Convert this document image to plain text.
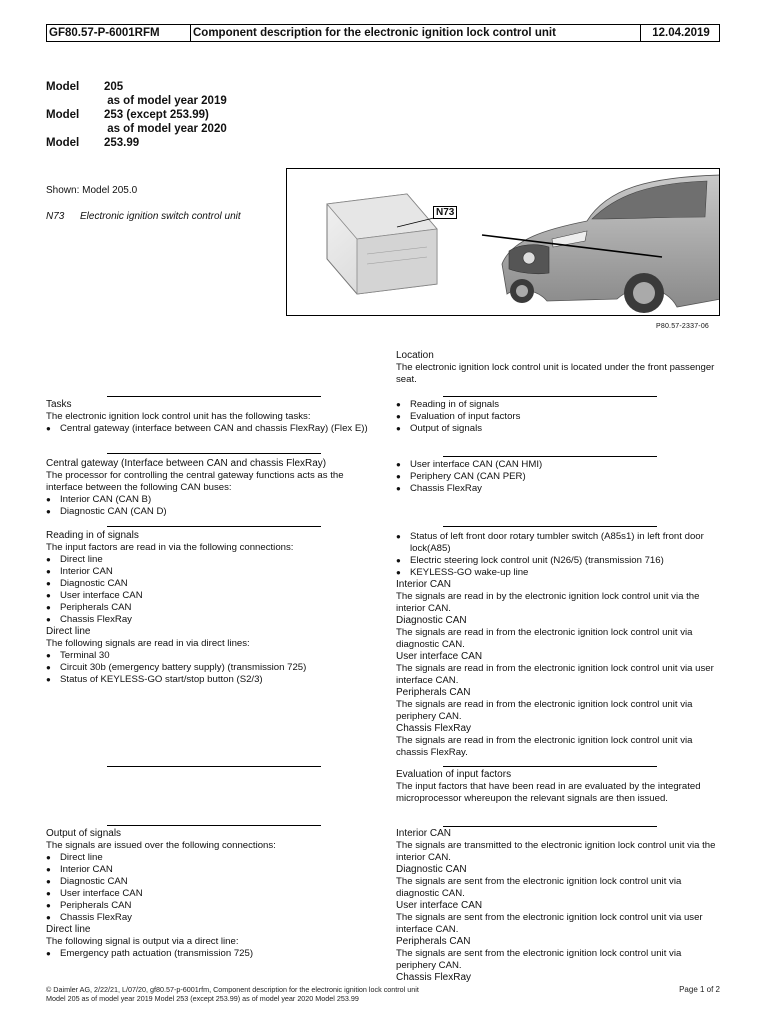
GF80.57-P-6001RFM	Component description for the electronic ignition lock control unit	12.04.2019
Model	205
as of model year 2019
Model	253 (except 253.99)
as of model year 2020
Model	253.99
Shown: Model 205.0
N73 Electronic ignition switch control unit	N73
P80.57-2337-06
Location
The electronic ignition lock control unit is located under the front passenger seat.
Tasks
The electronic ignition lock control unit has the following tasks:
● Central gateway (interface between CAN and chassis FlexRay) (Flex E))
● Reading in of signals
● Evaluation of input factors
● Output of signals
Central gateway (Interface between CAN and chassis FlexRay)
The processor for controlling the central gateway functions acts as the interface between the following CAN buses:
● Interior CAN (CAN B)
● Diagnostic CAN (CAN D)
● User interface CAN (CAN HMI)
● Periphery CAN (CAN PER)
● Chassis FlexRay
Reading in of signals
The input factors are read in via the following connections:
● Direct line
● Interior CAN
● Diagnostic CAN
● User interface CAN
● Peripherals CAN
● Chassis FlexRay
Direct line
The following signals are read in via direct lines:
● Terminal 30
● Circuit 30b (emergency battery supply) (transmission 725)
● Status of KEYLESS-GO start/stop button (S2/3)
● Status of left front door rotary tumbler switch (A85s1) in left front door lock(A85)
● Electric steering lock control unit (N26/5) (transmission 716)
● KEYLESS-GO wake-up line
Interior CAN
The signals are read in by the electronic ignition lock control unit via the interior CAN.
Diagnostic CAN
The signals are read in from the electronic ignition lock control unit via diagnostic CAN.
User interface CAN
The signals are read in from the electronic ignition lock control unit via user interface CAN.
Peripherals CAN
The signals are read in from the electronic ignition lock control unit via periphery CAN.
Chassis FlexRay
The signals are read in from the electronic ignition lock control unit via chassis FlexRay.
Evaluation of input factors
The input factors that have been read in are evaluated by the integrated microprocessor whereupon the relevant signals are then issued.
Output of signals
The signals are issued over the following connections:
● Direct line
● Interior CAN
● Diagnostic CAN
● User interface CAN
● Peripherals CAN
● Chassis FlexRay
Direct line
The following signal is output via a direct line:
● Emergency path actuation (transmission 725)
Interior CAN
The signals are transmitted to the electronic ignition lock control unit via the interior CAN.
Diagnostic CAN
The signals are sent from the electronic ignition lock control unit via diagnostic CAN.
User interface CAN
The signals are sent from the electronic ignition lock control unit via user interface CAN.
Peripherals CAN
The signals are sent from the electronic ignition lock control unit via periphery CAN.
Chassis FlexRay
© Daimler AG, 2/22/21, L/07/20, gf80.57-p-6001rfm, Component description for the electronic ignition lock control unit
Model 205 as of model year 2019 Model 253 (except 253.99) as of model year 2020 Model 253.99
Page 1 of 2
